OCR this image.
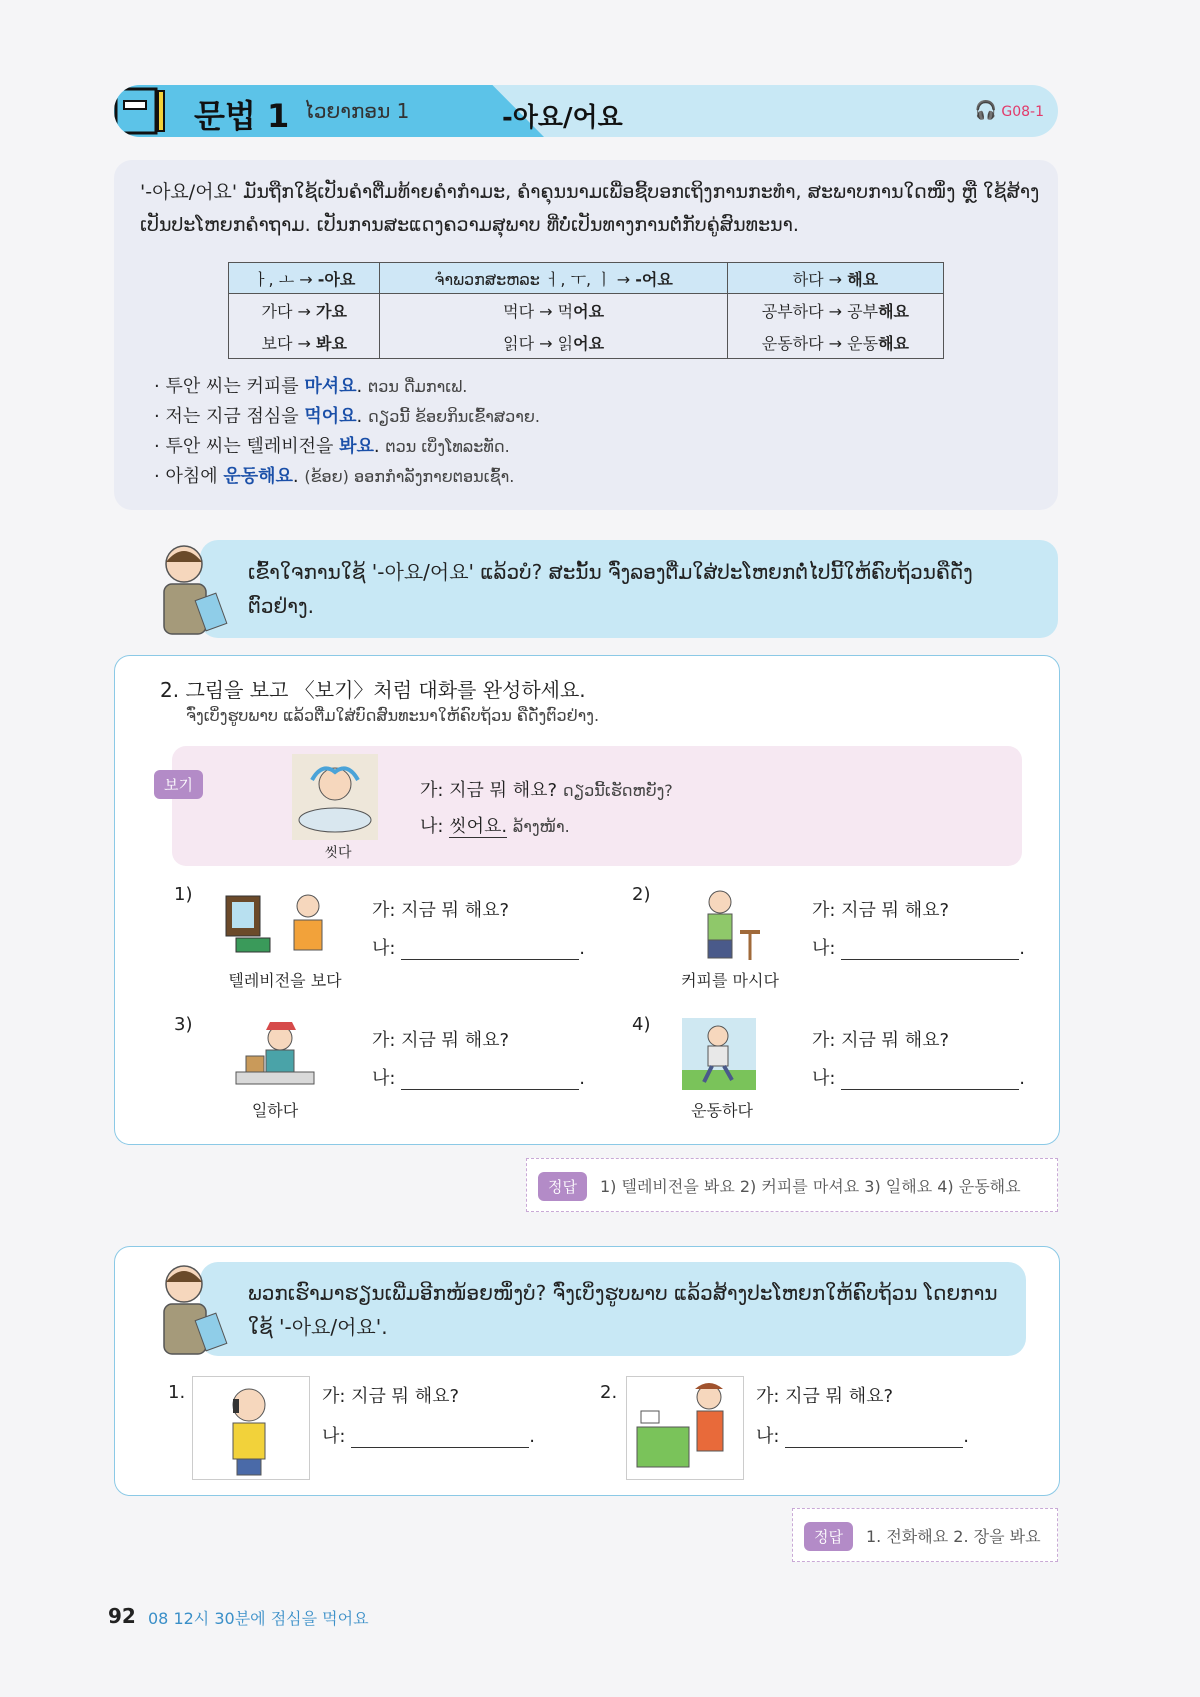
문법 1 ໄວຍາກອນ 1	-아요/어요	🎧 G08-1
'-아요/어요' ມັນຖືກໃຊ້ເປັນຄຳຕື່ມທ້າຍຄຳກຳມະ, ຄຳຄຸນນາມເພື່ອຊີ້ບອກເຖິງການກະທຳ, ສະພາບການໃດໜຶ່ງ ຫຼື ໃຊ້ສ້າງເປັນປະໂຫຍກຄຳຖາມ. ເປັນການສະແດງຄວາມສຸພາບ ທີ່ບໍ່ເປັນທາງການຕໍ່ກັບຄູ່ສົນທະນາ.
ㅏ, ㅗ → -아요	ຈຳພວກສະຫລະ ㅓ, ㅜ, ㅣ → -어요	하다 → 해요
가다 → 가요	먹다 → 먹어요	공부하다 → 공부해요
보다 → 봐요	읽다 → 읽어요	운동하다 → 운동해요
· 투안 씨는 커피를 마셔요. ຕວນ ດື່ມກາເຟ.
· 저는 지금 점심을 먹어요. ດຽວນີ້ ຂ້ອຍກິນເຂົ້າສວາຍ.
· 투안 씨는 텔레비전을 봐요. ຕວນ ເບິ່ງໂທລະທັດ.
· 아침에 운동해요. (ຂ້ອຍ) ອອກກຳລັງກາຍຕອນເຊົ້າ.
ເຂົ້າໃຈການໃຊ້ '-아요/어요' ແລ້ວບໍ? ສະນັ້ນ ຈົ່ງລອງຕື່ມໃສ່ປະໂຫຍກຕໍ່ໄປນີ້ໃຫ້ຄົບຖ້ວນຄືດັ່ງຕົວຢ່າງ.
2. 그림을 보고 〈보기〉처럼 대화를 완성하세요.
ຈົ່ງເບິ່ງຮູບພາບ ແລ້ວຕື່ມໃສ່ບົດສົນທະນາໃຫ້ຄົບຖ້ວນ ຄືດັ່ງຕົວຢ່າງ.
보기
씻다
가: 지금 뭐 해요? ດຽວນີ້ເຮັດຫຍັງ?
나: 씻어요. ລ້າງໜ້າ.
1)
텔레비전을 보다
가: 지금 뭐 해요?
나:	.
2)
커피를 마시다
가: 지금 뭐 해요?
나:	.
3)
일하다
가: 지금 뭐 해요?
나:	.
4)
운동하다
가: 지금 뭐 해요?
나:	.
정답	1) 텔레비전을 봐요 2) 커피를 마셔요 3) 일해요 4) 운동해요
ພວກເຮົາມາຮຽນເພີ່ມອີກໜ້ອຍໜຶ່ງບໍ? ຈົ່ງເບິ່ງຮູບພາບ ແລ້ວສ້າງປະໂຫຍກໃຫ້ຄົບຖ້ວນ ໂດຍການໃຊ້ '-아요/어요'.
1.	가: 지금 뭐 해요?
나:	.
2.	가: 지금 뭐 해요?
나:	.
정답	1. 전화해요 2. 장을 봐요
92 08 12시 30분에 점심을 먹어요
